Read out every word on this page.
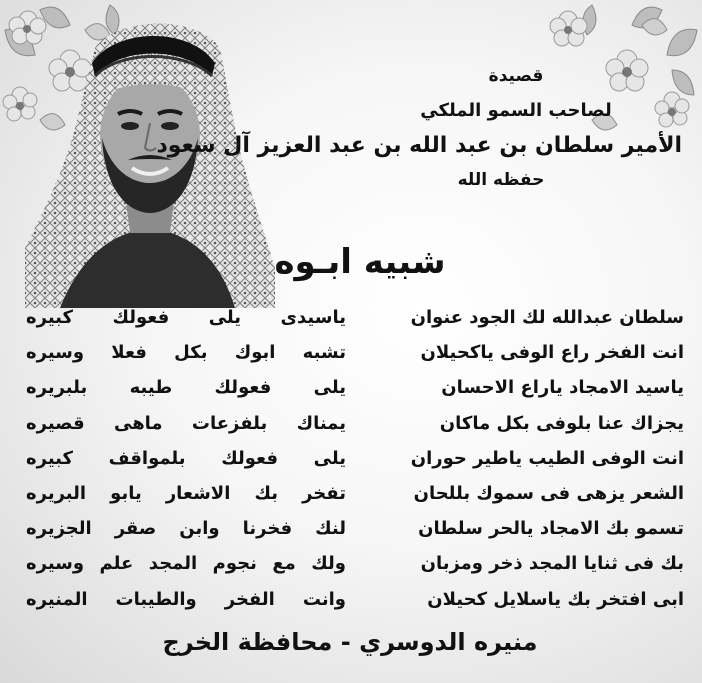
قصيدة
لصاحب السمو الملكي
الأمير سلطان بن عبد الله بن عبد العزيز آل سعود
حفظه الله
شبيه ابـوه
سلطان عبدالله لك الجود عنوان
انت الفخر راع الوفى ياكحيلان
ياسيد الامجاد ياراع الاحسان
يجزاك عنا بلوفى بكل ماكان
انت الوفى الطيب ياطير حوران
الشعر يزهى فى سموك بللحان
تسمو بك الامجاد يالحر سلطان
بك فى ثنايا المجد ذخر ومزبان
ابى افتخر بك ياسلايل كحيلان
ياسيدى يلى فعولك كبيره
تشبه ابوك بكل فعلا وسيره
يلى فعولك طيبه بلبريره
يمناك بلفزعات ماهى قصيره
يلى فعولك بلمواقف كبيره
تفخر بك الاشعار يابو البريره
لنك فخرنا وابن صقر الجزيره
ولك مع نجوم المجد علم وسيره
وانت الفخر والطيبات المنيره
منيره الدوسري - محافظة الخرج
